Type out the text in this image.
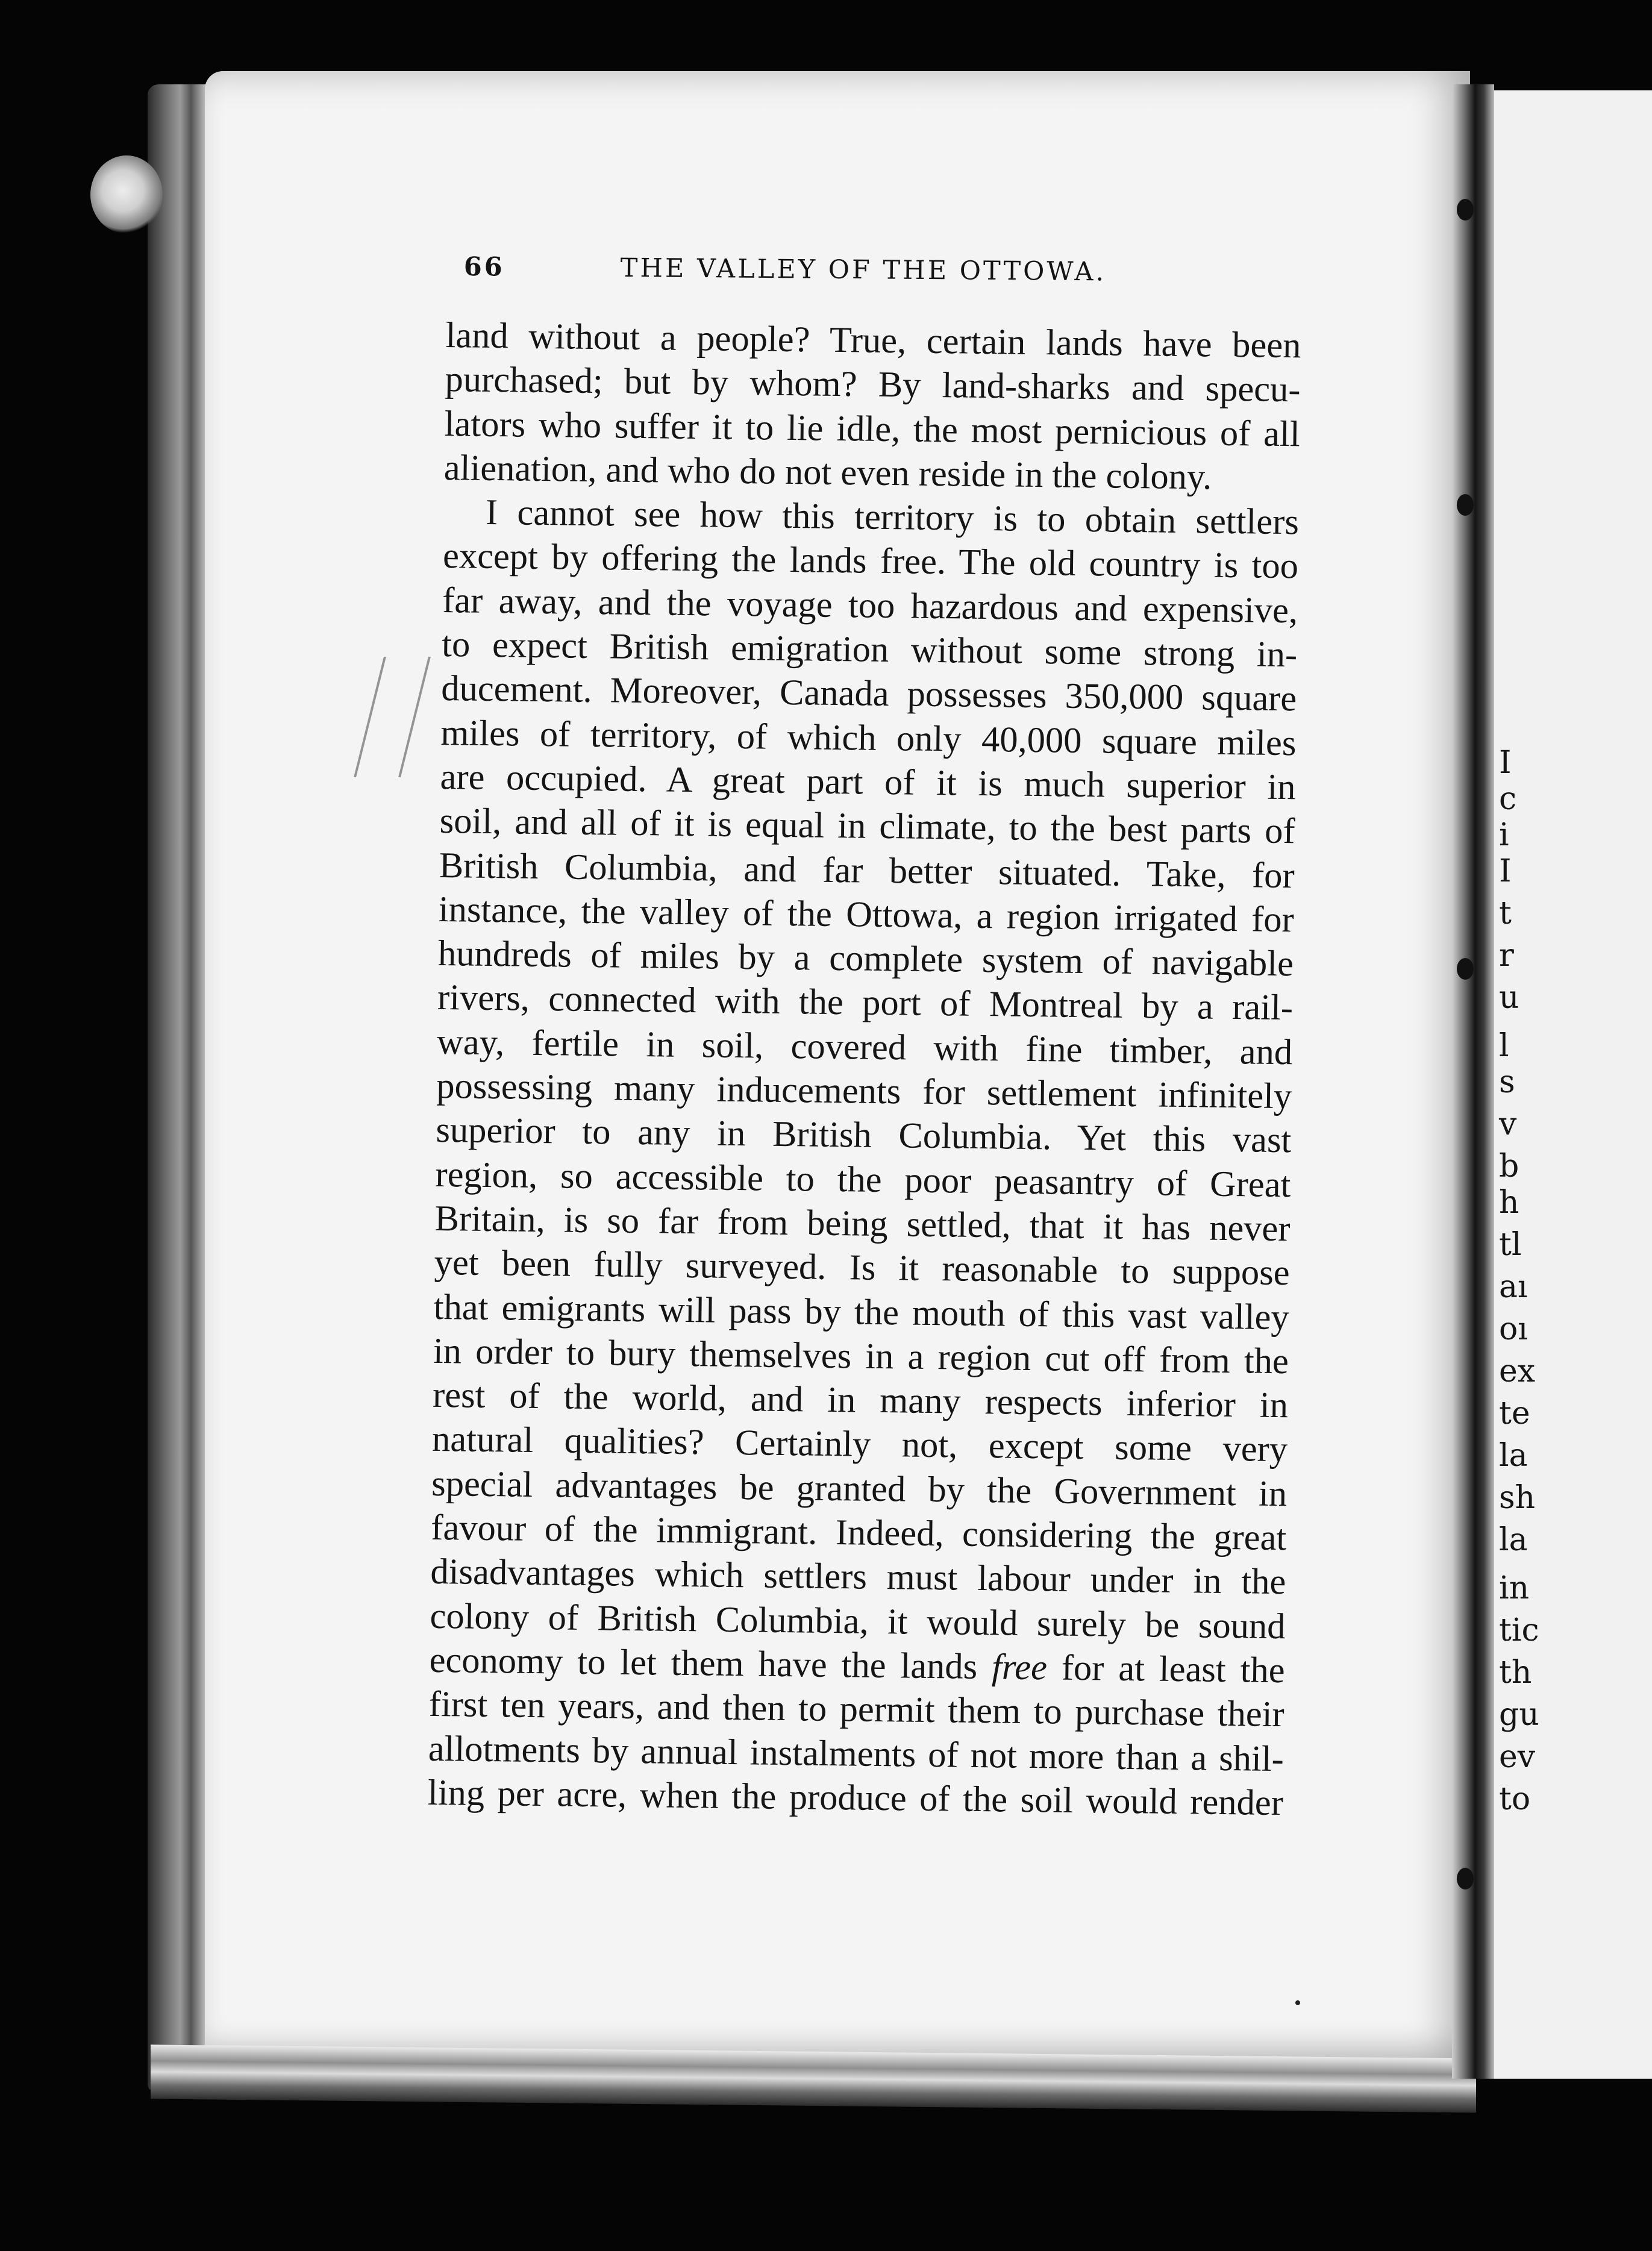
I
c
i
I
t
r
u
l
s
v
b
h
tl
aı
oı
ex
te
la
sh
la
in
tic
th
gu
ev
to
66	THE VALLEY OF THE OTTOWA.
land without a people? True, certain lands have been
purchased; but by whom? By land-sharks and specu-
lators who suffer it to lie idle, the most pernicious of all
alienation, and who do not even reside in the colony.
I cannot see how this territory is to obtain settlers
except by offering the lands free. The old country is too
far away, and the voyage too hazardous and expensive,
to expect British emigration without some strong in-
ducement. Moreover, Canada possesses 350,000 square
miles of territory, of which only 40,000 square miles
are occupied. A great part of it is much superior in
soil, and all of it is equal in climate, to the best parts of
British Columbia, and far better situated. Take, for
instance, the valley of the Ottowa, a region irrigated for
hundreds of miles by a complete system of navigable
rivers, connected with the port of Montreal by a rail-
way, fertile in soil, covered with fine timber, and
possessing many inducements for settlement infinitely
superior to any in British Columbia. Yet this vast
region, so accessible to the poor peasantry of Great
Britain, is so far from being settled, that it has never
yet been fully surveyed. Is it reasonable to suppose
that emigrants will pass by the mouth of this vast valley
in order to bury themselves in a region cut off from the
rest of the world, and in many respects inferior in
natural qualities? Certainly not, except some very
special advantages be granted by the Government in
favour of the immigrant. Indeed, considering the great
disadvantages which settlers must labour under in the
colony of British Columbia, it would surely be sound
economy to let them have the lands free for at least the
first ten years, and then to permit them to purchase their
allotments by annual instalments of not more than a shil-
ling per acre, when the produce of the soil would render
